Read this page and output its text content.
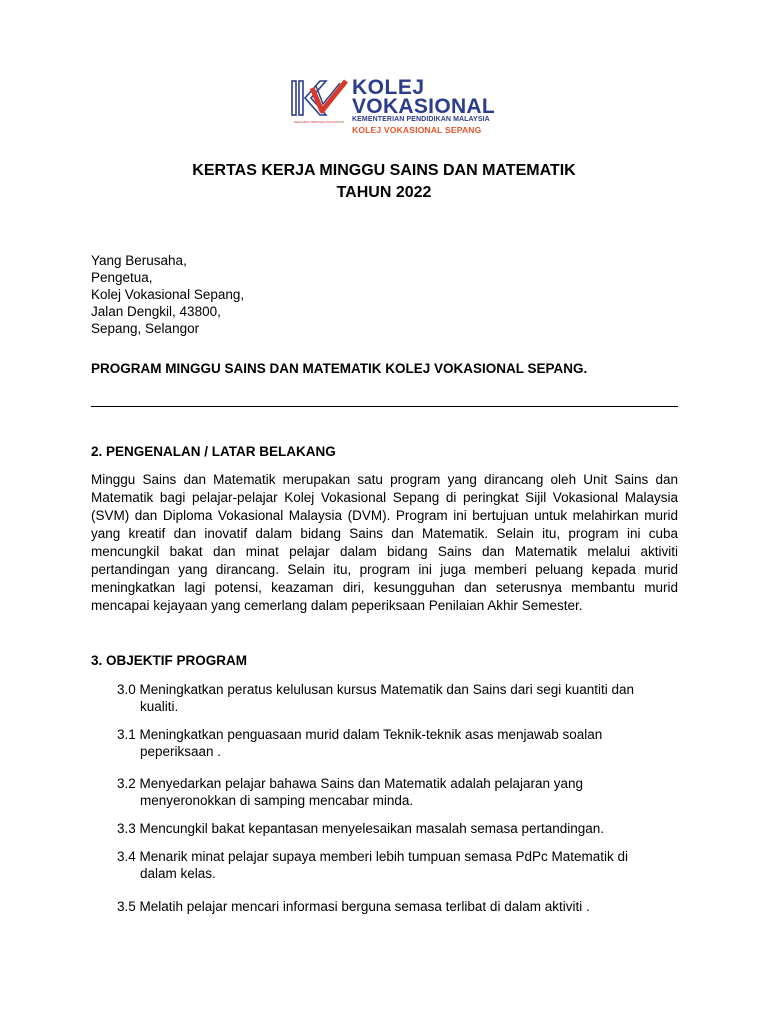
KEMAHIRAN BERSAMA MASYARAKAT
KOLEJ
VOKASIONAL
KEMENTERIAN PENDIDIKAN MALAYSIA
KOLEJ VOKASIONAL SEPANG
KERTAS KERJA MINGGU SAINS DAN MATEMATIK
TAHUN 2022
Yang Berusaha,
Pengetua,
Kolej Vokasional Sepang,
Jalan Dengkil, 43800,
Sepang, Selangor
PROGRAM MINGGU SAINS DAN MATEMATIK KOLEJ VOKASIONAL SEPANG.
2. PENGENALAN / LATAR BELAKANG
Minggu Sains dan Matematik merupakan satu program yang dirancang oleh Unit Sains dan Matematik bagi pelajar-pelajar Kolej Vokasional Sepang di peringkat Sijil Vokasional Malaysia (SVM) dan Diploma Vokasional Malaysia (DVM). Program ini bertujuan untuk melahirkan murid yang kreatif dan inovatif dalam bidang Sains dan Matematik. Selain itu, program ini cuba mencungkil bakat dan minat pelajar dalam bidang Sains dan Matematik melalui aktiviti pertandingan yang dirancang. Selain itu, program ini juga memberi peluang kepada murid meningkatkan lagi potensi, keazaman diri, kesungguhan dan seterusnya membantu murid mencapai kejayaan yang cemerlang dalam peperiksaan Penilaian Akhir Semester.
3. OBJEKTIF PROGRAM
3.0 Meningkatkan peratus kelulusan kursus Matematik dan Sains dari segi kuantiti dan
kualiti.
3.1 Meningkatkan penguasaan murid dalam Teknik-teknik asas menjawab soalan
peperiksaan .
3.2 Menyedarkan pelajar bahawa Sains dan Matematik adalah pelajaran yang
menyeronokkan di samping mencabar minda.
3.3 Mencungkil bakat kepantasan menyelesaikan masalah semasa pertandingan.
3.4 Menarik minat pelajar supaya memberi lebih tumpuan semasa PdPc Matematik di
dalam kelas.
3.5 Melatih pelajar mencari informasi berguna semasa terlibat di dalam aktiviti .
